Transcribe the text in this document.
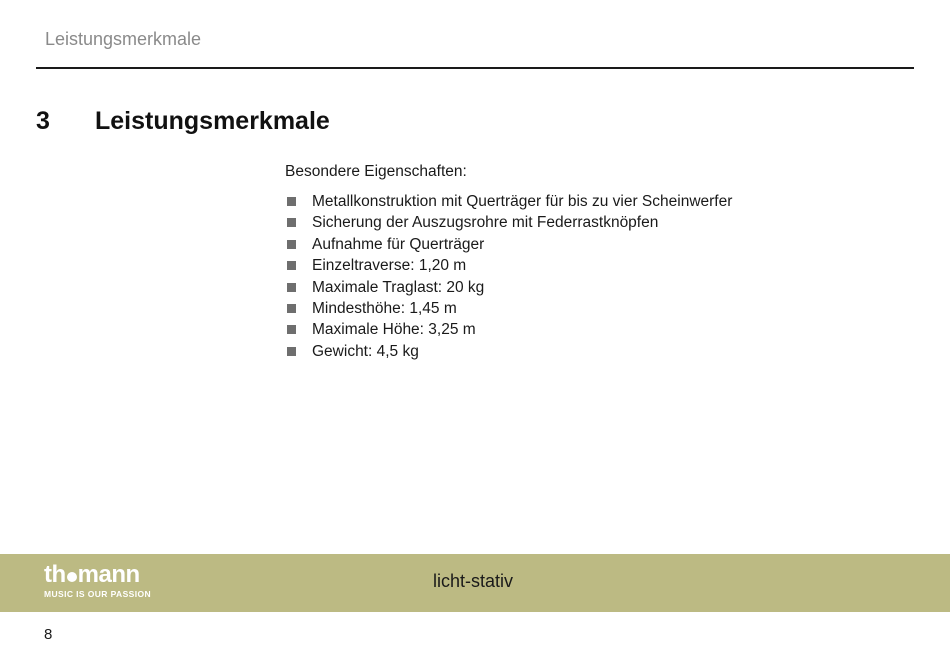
Leistungsmerkmale
3 Leistungsmerkmale
Besondere Eigenschaften:
Metallkonstruktion mit Querträger für bis zu vier Scheinwerfer
Sicherung der Auszugsrohre mit Federrastknöpfen
Aufnahme für Querträger
Einzeltraverse: 1,20 m
Maximale Traglast: 20 kg
Mindesthöhe: 1,45 m
Maximale Höhe: 3,25 m
Gewicht: 4,5 kg
th mann
MUSIC IS OUR PASSION
licht-stativ
8
